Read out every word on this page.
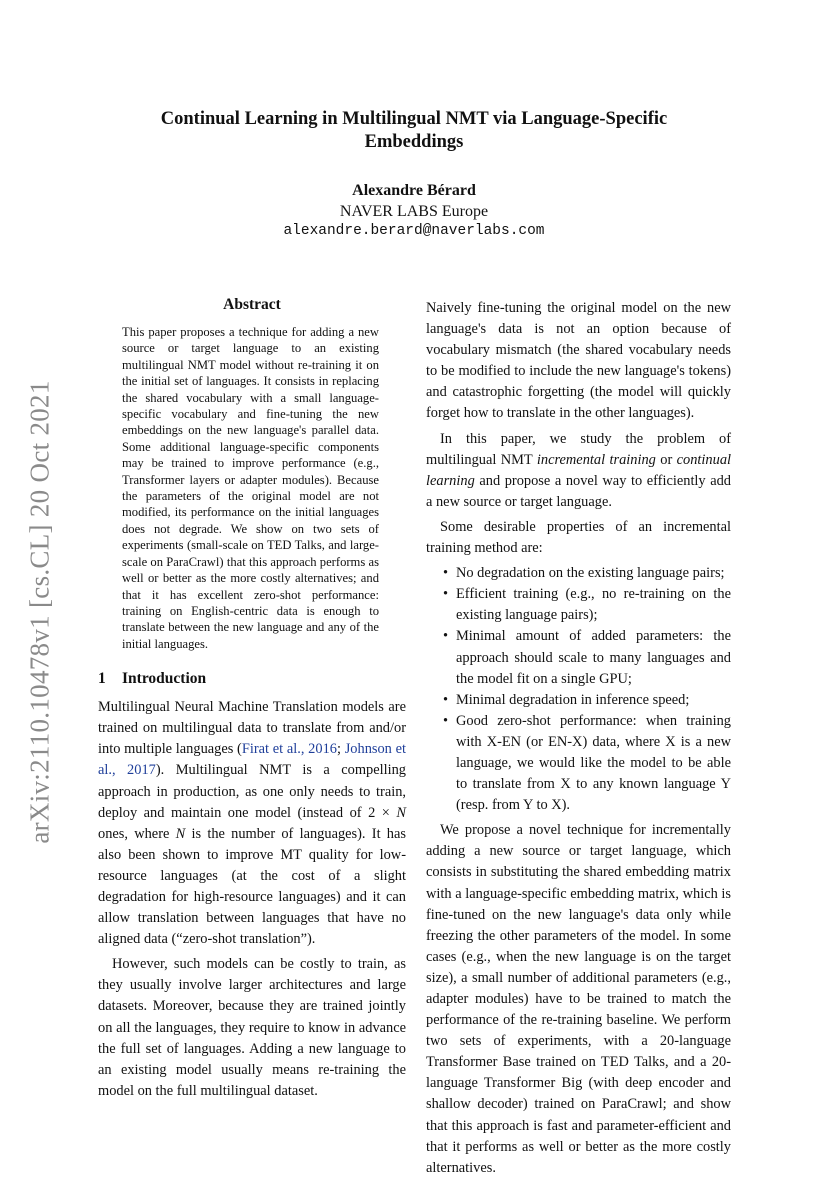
arXiv:2110.10478v1 [cs.CL] 20 Oct 2021
Continual Learning in Multilingual NMT via Language-Specific
Embeddings
Alexandre Bérard
NAVER LABS Europe
alexandre.berard@naverlabs.com
Abstract
This paper proposes a technique for adding a new source or target language to an existing multilingual NMT model without re-training it on the initial set of languages. It consists in replacing the shared vocabulary with a small language-specific vocabulary and fine-tuning the new embeddings on the new language's parallel data. Some additional language-specific components may be trained to improve performance (e.g., Transformer layers or adapter modules). Because the parameters of the original model are not modified, its performance on the initial languages does not degrade. We show on two sets of experiments (small-scale on TED Talks, and large-scale on ParaCrawl) that this approach performs as well or better as the more costly alternatives; and that it has excellent zero-shot performance: training on English-centric data is enough to translate between the new language and any of the initial languages.
1 Introduction

Multilingual Neural Machine Translation models are trained on multilingual data to translate from and/or into multiple languages (Firat et al., 2016; Johnson et al., 2017). Multilingual NMT is a compelling approach in production, as one only needs to train, deploy and maintain one model (instead of 2 × N ones, where N is the number of languages). It has also been shown to improve MT quality for low-resource languages (at the cost of a slight degradation for high-resource languages) and it can allow translation between languages that have no aligned data (“zero-shot translation”).

However, such models can be costly to train, as they usually involve larger architectures and large datasets. Moreover, because they are trained jointly on all the languages, they require to know in advance the full set of languages. Adding a new language to an existing model usually means re-training the model on the full multilingual dataset.

Naively fine-tuning the original model on the new language's data is not an option because of vocabulary mismatch (the shared vocabulary needs to be modified to include the new language's tokens) and catastrophic forgetting (the model will quickly forget how to translate in the other languages).

In this paper, we study the problem of multilingual NMT incremental training or continual learning and propose a novel way to efficiently add a new source or target language.

Some desirable properties of an incremental training method are:

• No degradation on the existing language pairs;
• Efficient training (e.g., no re-training on the existing language pairs);
• Minimal amount of added parameters: the approach should scale to many languages and the model fit on a single GPU;
• Minimal degradation in inference speed;
• Good zero-shot performance: when training with X-EN (or EN-X) data, where X is a new language, we would like the model to be able to translate from X to any known language Y (resp. from Y to X).

We propose a novel technique for incrementally adding a new source or target language, which consists in substituting the shared embedding matrix with a language-specific embedding matrix, which is fine-tuned on the new language's data only while freezing the other parameters of the model. In some cases (e.g., when the new language is on the target size), a small number of additional parameters (e.g., adapter modules) have to be trained to match the performance of the re-training baseline. We perform two sets of experiments, with a 20-language Transformer Base trained on TED Talks, and a 20-language Transformer Big (with deep encoder and shallow decoder) trained on ParaCrawl; and show that this approach is fast and parameter-efficient and that it performs as well or better as the more costly alternatives.
